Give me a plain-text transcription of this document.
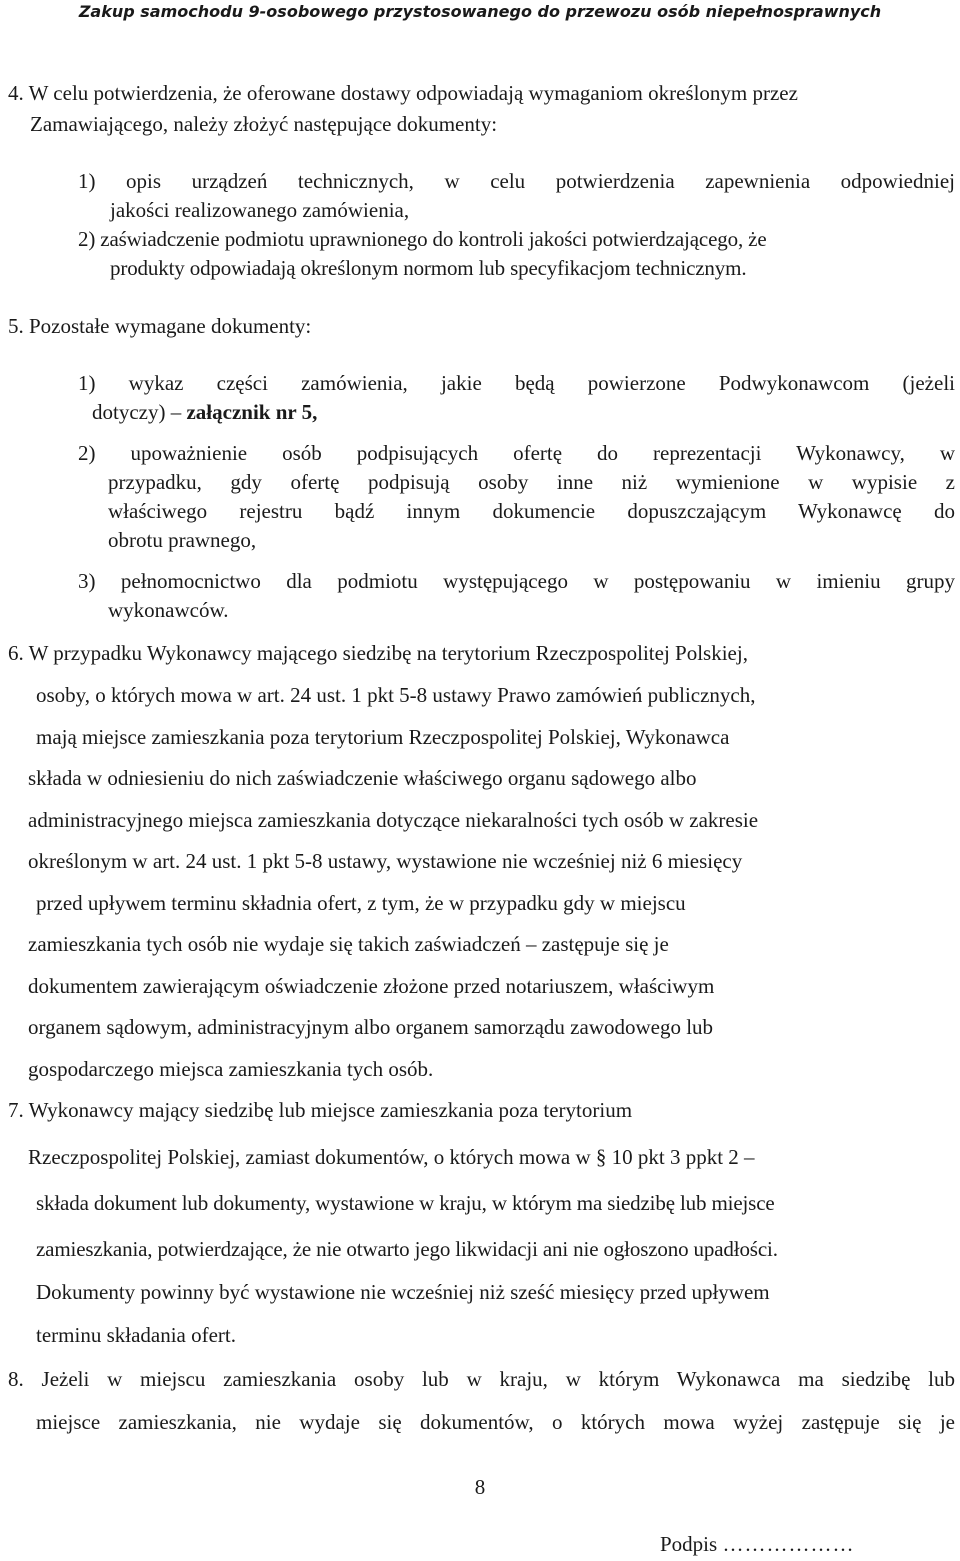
Zakup samochodu 9-osobowego przystosowanego do przewozu osób niepełnosprawnych
4. W celu potwierdzenia, że oferowane dostawy odpowiadają wymaganiom określonym przez
Zamawiającego, należy złożyć następujące dokumenty:
1) opis urządzeń technicznych, w celu potwierdzenia zapewnienia odpowiedniej
jakości realizowanego zamówienia,
2) zaświadczenie podmiotu uprawnionego do kontroli jakości potwierdzającego, że
produkty odpowiadają określonym normom lub specyfikacjom technicznym.
5. Pozostałe wymagane dokumenty:
1) wykaz części zamówienia, jakie będą powierzone Podwykonawcom (jeżeli
dotyczy) – załącznik nr 5,
2) upoważnienie osób podpisujących ofertę do reprezentacji Wykonawcy, w
przypadku, gdy ofertę podpisują osoby inne niż wymienione w wypisie z
właściwego rejestru bądź innym dokumencie dopuszczającym Wykonawcę do
obrotu prawnego,
3) pełnomocnictwo dla podmiotu występującego w postępowaniu w imieniu grupy
wykonawców.
6. W przypadku Wykonawcy mającego siedzibę na terytorium Rzeczpospolitej Polskiej,
osoby, o których mowa w art. 24 ust. 1 pkt 5-8 ustawy Prawo zamówień publicznych,
mają miejsce zamieszkania poza terytorium Rzeczpospolitej Polskiej, Wykonawca
składa w odniesieniu do nich zaświadczenie właściwego organu sądowego albo
administracyjnego miejsca zamieszkania dotyczące niekaralności tych osób w zakresie
określonym w art. 24 ust. 1 pkt 5-8 ustawy, wystawione nie wcześniej niż 6 miesięcy
przed upływem terminu składnia ofert, z tym, że w przypadku gdy w miejscu
zamieszkania tych osób nie wydaje się takich zaświadczeń – zastępuje się je
dokumentem zawierającym oświadczenie złożone przed notariuszem, właściwym
organem sądowym, administracyjnym albo organem samorządu zawodowego lub
gospodarczego miejsca zamieszkania tych osób.
7. Wykonawcy mający siedzibę lub miejsce zamieszkania poza terytorium
Rzeczpospolitej Polskiej, zamiast dokumentów, o których mowa w § 10 pkt 3 ppkt 2 –
składa dokument lub dokumenty, wystawione w kraju, w którym ma siedzibę lub miejsce
zamieszkania, potwierdzające, że nie otwarto jego likwidacji ani nie ogłoszono upadłości.
Dokumenty powinny być wystawione nie wcześniej niż sześć miesięcy przed upływem
terminu składania ofert.
8. Jeżeli w miejscu zamieszkania osoby lub w kraju, w którym Wykonawca ma siedzibę lub
miejsce zamieszkania, nie wydaje się dokumentów, o których mowa wyżej zastępuje się je
8
Podpis ………………
